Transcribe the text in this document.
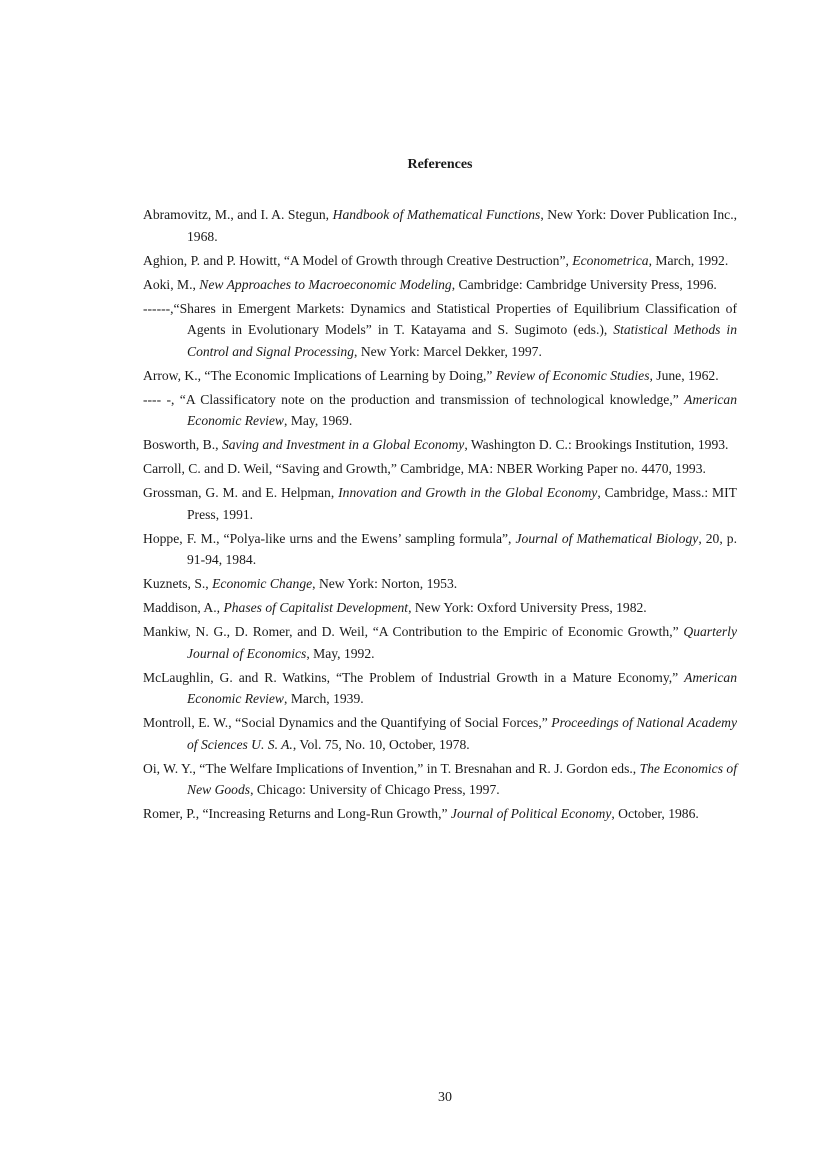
References

Abramovitz, M., and I. A. Stegun, Handbook of Mathematical Functions, New York: Dover Publication Inc., 1968.

Aghion, P. and P. Howitt, “A Model of Growth through Creative Destruction”, Econometrica, March, 1992.

Aoki, M., New Approaches to Macroeconomic Modeling, Cambridge: Cambridge University Press, 1996.

------,“Shares in Emergent Markets: Dynamics and Statistical Properties of Equilibrium Classification of Agents in Evolutionary Models” in T. Katayama and S. Sugimoto (eds.), Statistical Methods in Control and Signal Processing, New York: Marcel Dekker, 1997.

Arrow, K., “The Economic Implications of Learning by Doing,” Review of Economic Studies, June, 1962.

---- -, “A Classificatory note on the production and transmission of technological knowledge,” American Economic Review, May, 1969.

Bosworth, B., Saving and Investment in a Global Economy, Washington D. C.: Brookings Institution, 1993.

Carroll, C. and D. Weil, “Saving and Growth,” Cambridge, MA: NBER Working Paper no. 4470, 1993.

Grossman, G. M. and E. Helpman, Innovation and Growth in the Global Economy, Cambridge, Mass.: MIT Press, 1991.

Hoppe, F. M., “Polya-like urns and the Ewens’ sampling formula”, Journal of Mathematical Biology, 20, p. 91-94, 1984.

Kuznets, S., Economic Change, New York: Norton, 1953.

Maddison, A., Phases of Capitalist Development, New York: Oxford University Press, 1982.

Mankiw, N. G., D. Romer, and D. Weil, “A Contribution to the Empiric of Economic Growth,” Quarterly Journal of Economics, May, 1992.

McLaughlin, G. and R. Watkins, “The Problem of Industrial Growth in a Mature Economy,” American Economic Review, March, 1939.

Montroll, E. W., “Social Dynamics and the Quantifying of Social Forces,” Proceedings of National Academy of Sciences U. S. A., Vol. 75, No. 10, October, 1978.

Oi, W. Y., “The Welfare Implications of Invention,” in T. Bresnahan and R. J. Gordon eds., The Economics of New Goods, Chicago: University of Chicago Press, 1997.

Romer, P., “Increasing Returns and Long-Run Growth,” Journal of Political Economy, October, 1986.

30
